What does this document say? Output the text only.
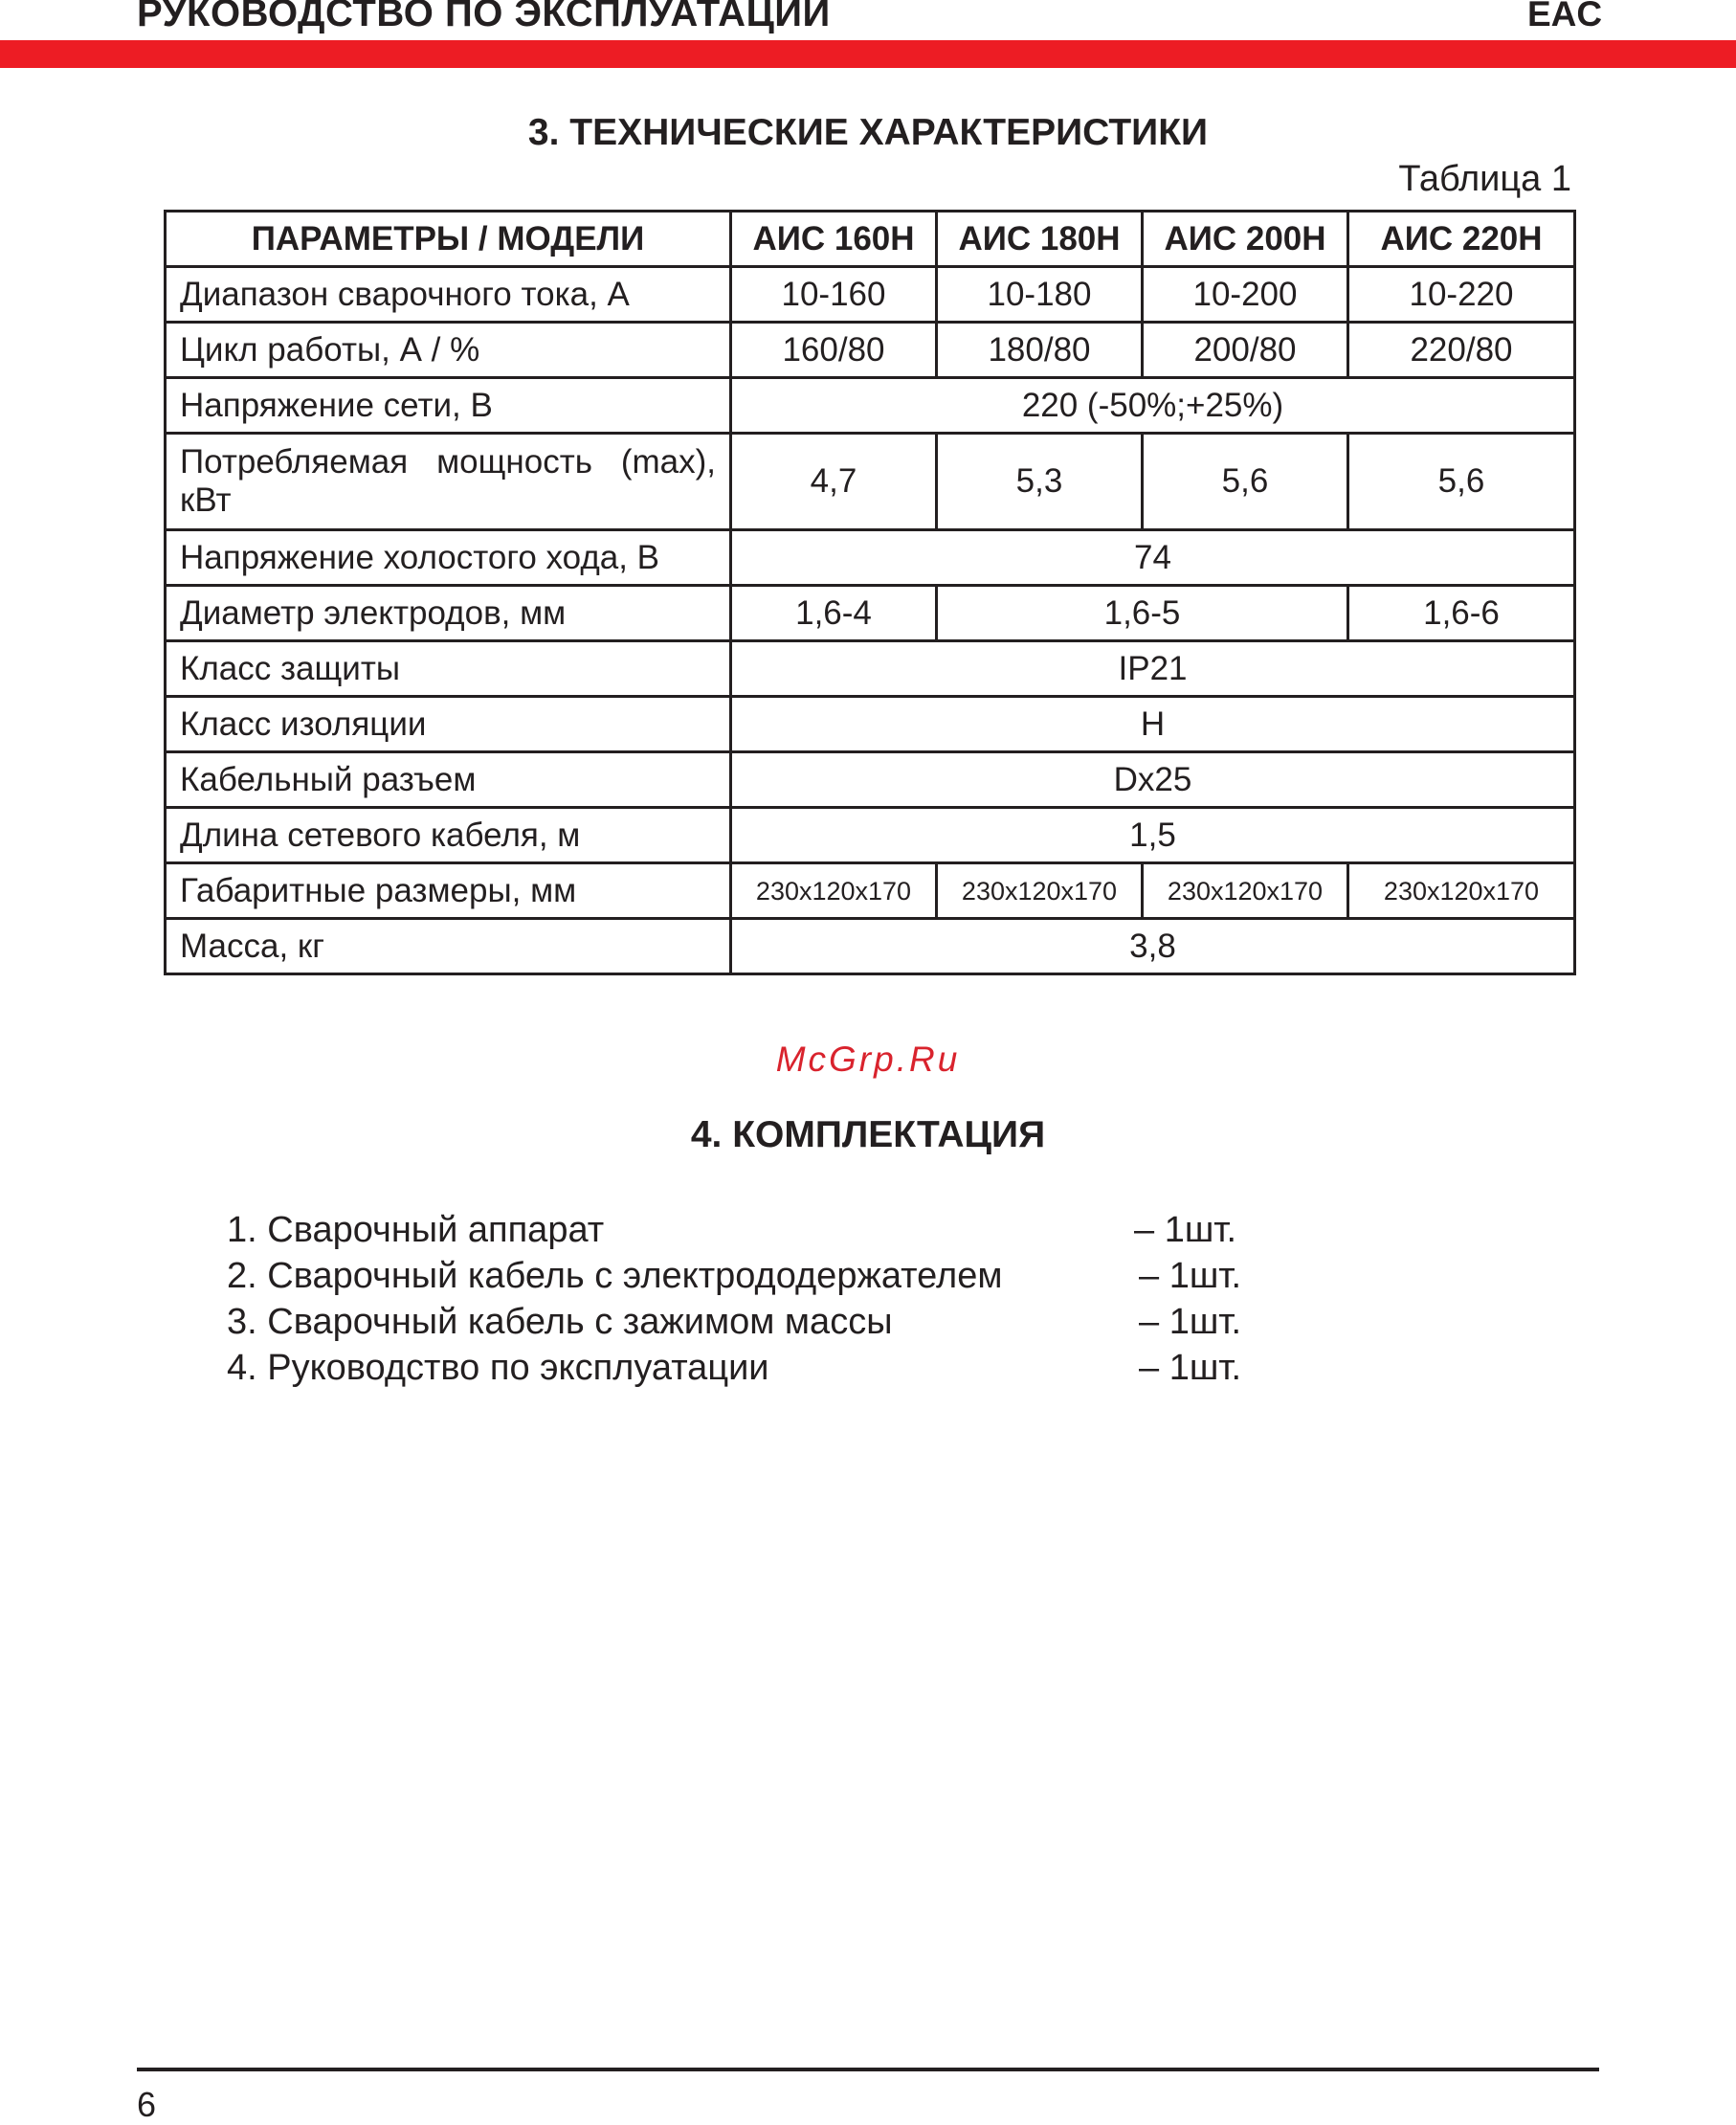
РУКОВОДСТВО ПО ЭКСПЛУАТАЦИИ	EAC
3. ТЕХНИЧЕСКИЕ ХАРАКТЕРИСТИКИ
Таблица 1
ПАРАМЕТРЫ / МОДЕЛИ	АИС 160Н	АИС 180Н	АИС 200Н	АИС 220Н
Диапазон сварочного тока, А	10-160	10-180	10-200	10-220
Цикл работы, А / %	160/80	180/80	200/80	220/80
Напряжение сети, В	220 (-50%;+25%)			
Потребляемая мощность (max), кВт	4,7	5,3	5,6	5,6
Напряжение холостого хода, В	74			
Диаметр электродов, мм	1,6-4	1,6-5		1,6-6
Класс защиты	IP21			
Класс изоляции	H			
Кабельный разъем	Dx25			
Длина сетевого кабеля, м	1,5			
Габаритные размеры, мм	230х120х170	230х120х170	230х120х170	230х120х170
Масса, кг	3,8			
McGrp.Ru
4. КОМПЛЕКТАЦИЯ
1. Сварочный аппарат	– 1шт.
2. Сварочный кабель с электрододержателем	– 1шт.
3. Сварочный кабель с зажимом массы	– 1шт.
4. Руководство по эксплуатации	– 1шт.
6
